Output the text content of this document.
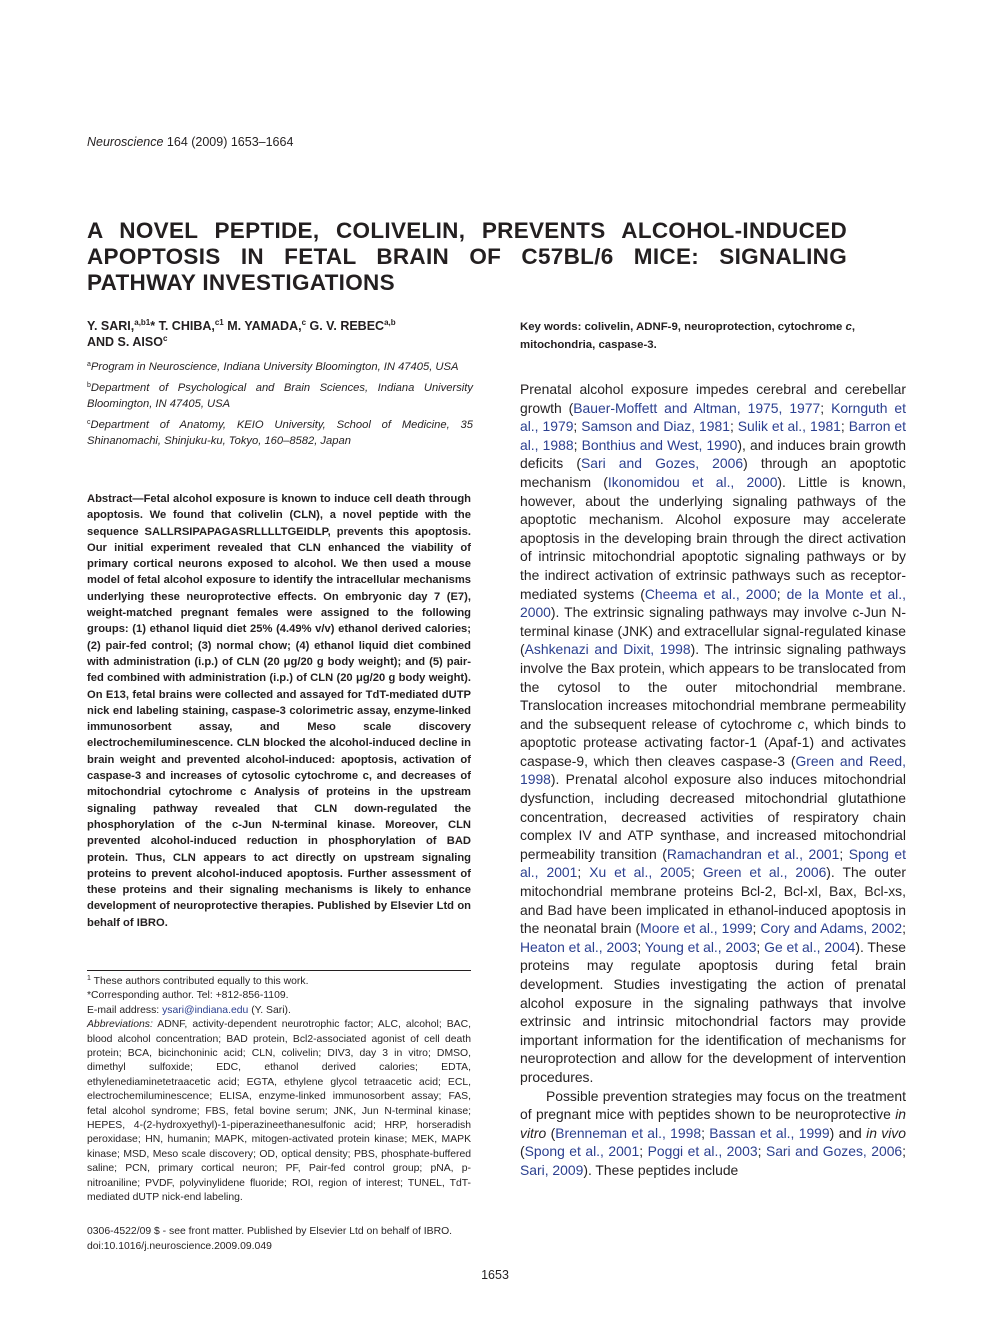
Neuroscience 164 (2009) 1653–1664
A NOVEL PEPTIDE, COLIVELIN, PREVENTS ALCOHOL-INDUCED
APOPTOSIS IN FETAL BRAIN OF C57BL/6 MICE: SIGNALING
PATHWAY INVESTIGATIONS
Y. SARI,$^{a,b1}$* T. CHIBA,$^{c1}$ M. YAMADA,$^c$ G. V. REBEC$^{a,b}$
AND S. AISO$^c$
$^a$Program in Neuroscience, Indiana University Bloomington, IN 47405, USA
$^b$Department of Psychological and Brain Sciences, Indiana University Bloomington, IN 47405, USA
$^c$Department of Anatomy, KEIO University, School of Medicine, 35 Shinanomachi, Shinjuku-ku, Tokyo, 160–8582, Japan
Abstract—Fetal alcohol exposure is known to induce cell death through apoptosis. We found that colivelin (CLN), a novel peptide with the sequence SALLRSIPAPAGASRLLLLTGEIDLP, prevents this apoptosis. Our initial experiment revealed that CLN enhanced the viability of primary cortical neurons exposed to alcohol. We then used a mouse model of fetal alcohol exposure to identify the intracellular mechanisms underlying these neuroprotective effects. On embryonic day 7 (E7), weight-matched pregnant females were assigned to the following groups: (1) ethanol liquid diet 25% (4.49% v/v) ethanol derived calories; (2) pair-fed control; (3) normal chow; (4) ethanol liquid diet combined with administration (i.p.) of CLN (20 μg/20 g body weight); and (5) pair-fed combined with administration (i.p.) of CLN (20 μg/20 g body weight). On E13, fetal brains were collected and assayed for TdT-mediated dUTP nick end labeling staining, caspase-3 colorimetric assay, enzyme-linked immunosorbent assay, and Meso scale discovery electrochemiluminescence. CLN blocked the alcohol-induced decline in brain weight and prevented alcohol-induced: apoptosis, activation of caspase-3 and increases of cytosolic cytochrome c, and decreases of mitochondrial cytochrome c Analysis of proteins in the upstream signaling pathway revealed that CLN down-regulated the phosphorylation of the c-Jun N-terminal kinase. Moreover, CLN prevented alcohol-induced reduction in phosphorylation of BAD protein. Thus, CLN appears to act directly on upstream signaling proteins to prevent alcohol-induced apoptosis. Further assessment of these proteins and their signaling mechanisms is likely to enhance development of neuroprotective therapies. Published by Elsevier Ltd on behalf of IBRO.

$^1$ These authors contributed equally to this work.

*Corresponding author. Tel: +812-856-1109.

E-mail address: ysari@indiana.edu (Y. Sari).

Abbreviations: ADNF, activity-dependent neurotrophic factor; ALC, alcohol; BAC, blood alcohol concentration; BAD protein, Bcl2-associated agonist of cell death protein; BCA, bicinchoninic acid; CLN, colivelin; DIV3, day 3 in vitro; DMSO, dimethyl sulfoxide; EDC, ethanol derived calories; EDTA, ethylenediaminetetraacetic acid; EGTA, ethylene glycol tetraacetic acid; ECL, electrochemiluminescence; ELISA, enzyme-linked immunosorbent assay; FAS, fetal alcohol syndrome; FBS, fetal bovine serum; JNK, Jun N-terminal kinase; HEPES, 4-(2-hydroxyethyl)-1-piperazineethanesulfonic acid; HRP, horseradish peroxidase; HN, humanin; MAPK, mitogen-activated protein kinase; MEK, MAPK kinase; MSD, Meso scale discovery; OD, optical density; PBS, phosphate-buffered saline; PCN, primary cortical neuron; PF, Pair-fed control group; pNA, p-nitroaniline; PVDF, polyvinylidene fluoride; ROI, region of interest; TUNEL, TdT-mediated dUTP nick-end labeling.

0306-4522/09 $ - see front matter. Published by Elsevier Ltd on behalf of IBRO.
doi:10.1016/j.neuroscience.2009.09.049
Key words: colivelin, ADNF-9, neuroprotection, cytochrome c, mitochondria, caspase-3.

Prenatal alcohol exposure impedes cerebral and cerebellar growth (Bauer-Moffett and Altman, 1975, 1977; Kornguth et al., 1979; Samson and Diaz, 1981; Sulik et al., 1981; Barron et al., 1988; Bonthius and West, 1990), and induces brain growth deficits (Sari and Gozes, 2006) through an apoptotic mechanism (Ikonomidou et al., 2000). Little is known, however, about the underlying signaling pathways of the apoptotic mechanism. Alcohol exposure may accelerate apoptosis in the developing brain through the direct activation of intrinsic mitochondrial apoptotic signaling pathways or by the indirect activation of extrinsic pathways such as receptor-mediated systems (Cheema et al., 2000; de la Monte et al., 2000). The extrinsic signaling pathways may involve c-Jun N-terminal kinase (JNK) and extracellular signal-regulated kinase (Ashkenazi and Dixit, 1998). The intrinsic signaling pathways involve the Bax protein, which appears to be translocated from the cytosol to the outer mitochondrial membrane. Translocation increases mitochondrial membrane permeability and the subsequent release of cytochrome c, which binds to apoptotic protease activating factor-1 (Apaf-1) and activates caspase-9, which then cleaves caspase-3 (Green and Reed, 1998). Prenatal alcohol exposure also induces mitochondrial dysfunction, including decreased mitochondrial glutathione concentration, decreased activities of respiratory chain complex IV and ATP synthase, and increased mitochondrial permeability transition (Ramachandran et al., 2001; Spong et al., 2001; Xu et al., 2005; Green et al., 2006). The outer mitochondrial membrane proteins Bcl-2, Bcl-xl, Bax, Bcl-xs, and Bad have been implicated in ethanol-induced apoptosis in the neonatal brain (Moore et al., 1999; Cory and Adams, 2002; Heaton et al., 2003; Young et al., 2003; Ge et al., 2004). These proteins may regulate apoptosis during fetal brain development. Studies investigating the action of prenatal alcohol exposure in the signaling pathways that involve extrinsic and intrinsic mitochondrial factors may provide important information for the identification of mechanisms for neuroprotection and allow for the development of intervention procedures.

Possible prevention strategies may focus on the treatment of pregnant mice with peptides shown to be neuroprotective in vitro (Brenneman et al., 1998; Bassan et al., 1999) and in vivo (Spong et al., 2001; Poggi et al., 2003; Sari and Gozes, 2006; Sari, 2009). These peptides include

1653
